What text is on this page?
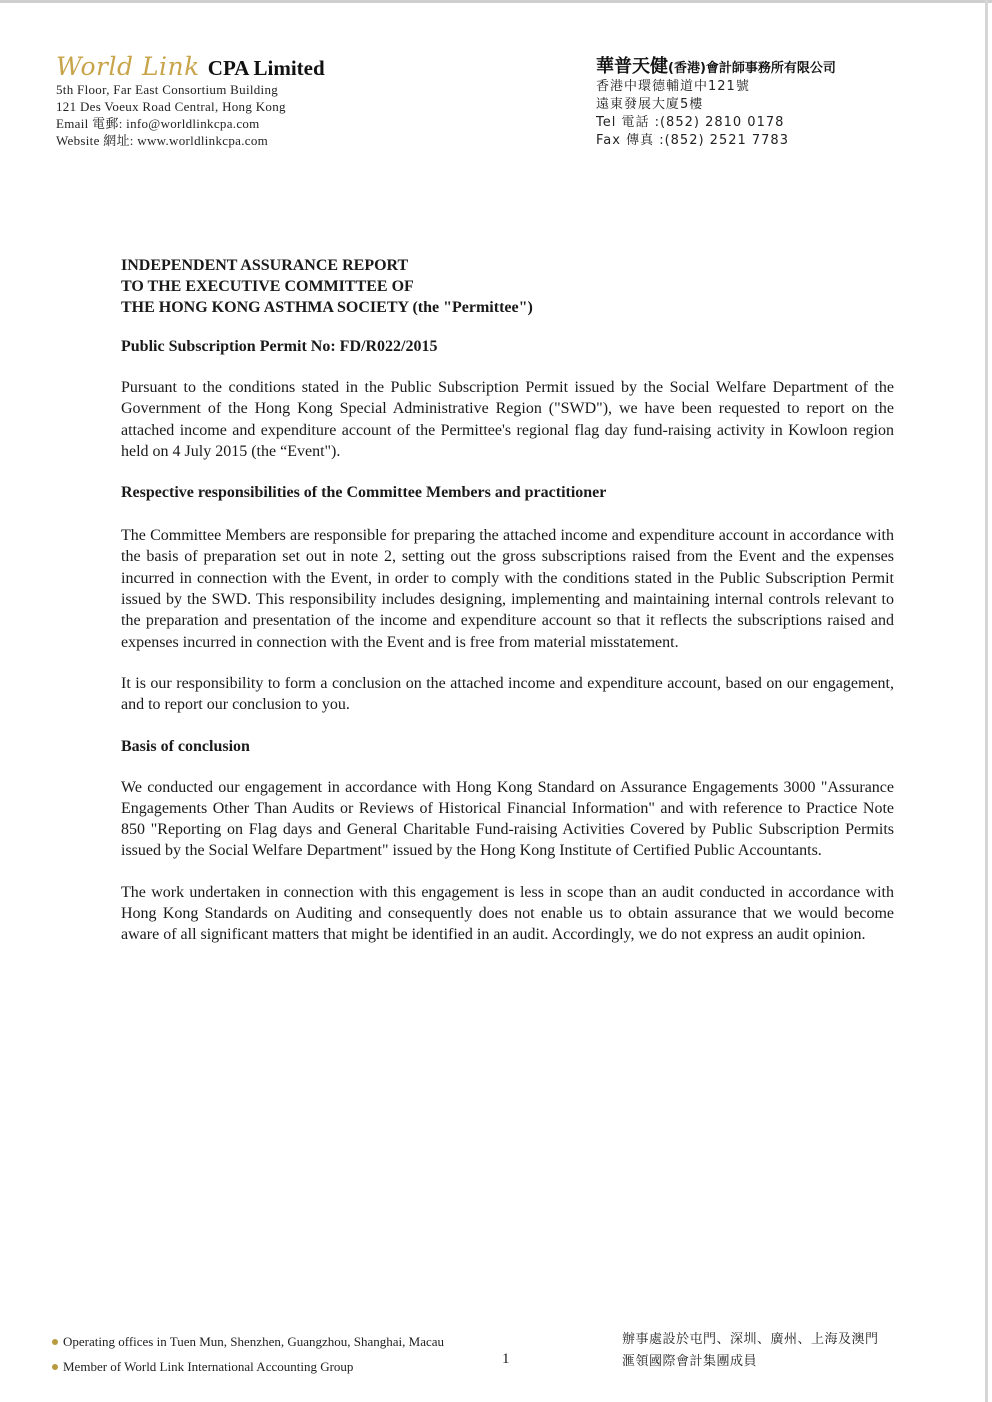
World Link CPA Limited
5th Floor, Far East Consortium Building
121 Des Voeux Road Central, Hong Kong
Email 電郵: info@worldlinkcpa.com
Website 網址: www.worldlinkcpa.com
華普天健(香港)會計師事務所有限公司
香港中環德輔道中121號
遠東發展大廈5樓
Tel 電話 :(852) 2810 0178
Fax 傳真 :(852) 2521 7783

INDEPENDENT ASSURANCE REPORT

TO THE EXECUTIVE COMMITTEE OF

THE HONG KONG ASTHMA SOCIETY (the "Permittee")

Public Subscription Permit No: FD/R022/2015

Pursuant to the conditions stated in the Public Subscription Permit issued by the Social Welfare Department of the Government of the Hong Kong Special Administrative Region ("SWD"), we have been requested to report on the attached income and expenditure account of the Permittee's regional flag day fund-raising activity in Kowloon region held on 4 July 2015 (the “Event").

Respective responsibilities of the Committee Members and practitioner

The Committee Members are responsible for preparing the attached income and expenditure account in accordance with the basis of preparation set out in note 2, setting out the gross subscriptions raised from the Event and the expenses incurred in connection with the Event, in order to comply with the conditions stated in the Public Subscription Permit issued by the SWD. This responsibility includes designing, implementing and maintaining internal controls relevant to the preparation and presentation of the income and expenditure account so that it reflects the subscriptions raised and expenses incurred in connection with the Event and is free from material misstatement.

It is our responsibility to form a conclusion on the attached income and expenditure account, based on our engagement, and to report our conclusion to you.

Basis of conclusion

We conducted our engagement in accordance with Hong Kong Standard on Assurance Engagements 3000 "Assurance Engagements Other Than Audits or Reviews of Historical Financial Information" and with reference to Practice Note 850 "Reporting on Flag days and General Charitable Fund-raising Activities Covered by Public Subscription Permits issued by the Social Welfare Department" issued by the Hong Kong Institute of Certified Public Accountants.

The work undertaken in connection with this engagement is less in scope than an audit conducted in accordance with Hong Kong Standards on Auditing and consequently does not enable us to obtain assurance that we would become aware of all significant matters that might be identified in an audit. Accordingly, we do not express an audit opinion.

Operating offices in Tuen Mun, Shenzhen, Guangzhou, Shanghai, Macau
Member of World Link International Accounting Group	1
辦事處設於屯門、深圳、廣州、上海及澳門
滙領國際會計集團成員
